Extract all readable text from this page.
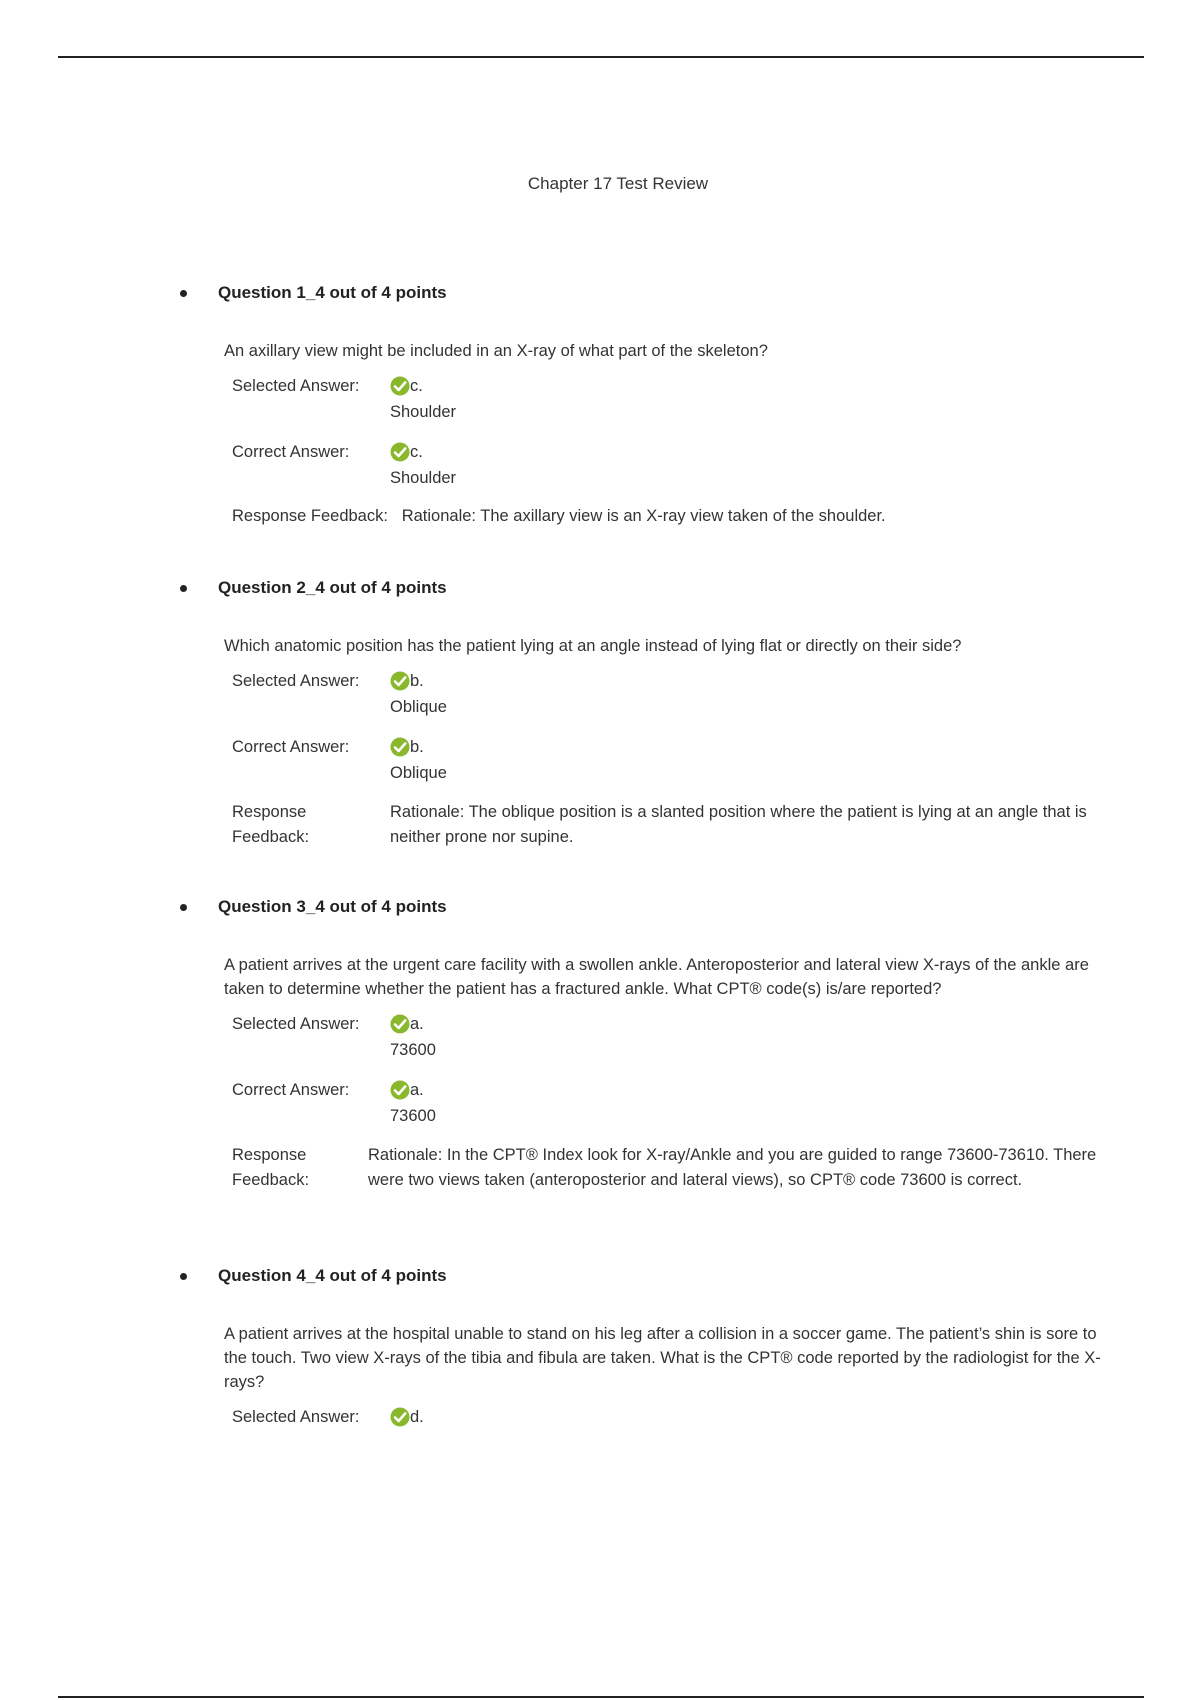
Chapter 17 Test Review
Question 1_4 out of 4 points
An axillary view might be included in an X-ray of what part of the skeleton?
Selected Answer:	c.
Shoulder
Correct Answer:	c.
Shoulder
Response Feedback: Rationale: The axillary view is an X-ray view taken of the shoulder.
Question 2_4 out of 4 points
Which anatomic position has the patient lying at an angle instead of lying flat or directly on their side?
Selected Answer:	b.
Oblique
Correct Answer:	b.
Oblique
Response
Feedback:
Rationale: The oblique position is a slanted position where the patient is lying at an angle that is neither prone nor supine.
Question 3_4 out of 4 points
A patient arrives at the urgent care facility with a swollen ankle. Anteroposterior and lateral view X-rays of the ankle are taken to determine whether the patient has a fractured ankle. What CPT® code(s) is/are reported?
Selected Answer:	a.
73600
Correct Answer:	a.
73600
Response
Feedback:
Rationale: In the CPT® Index look for X-ray/Ankle and you are guided to range 73600-73610. There were two views taken (anteroposterior and lateral views), so CPT® code 73600 is correct.
Question 4_4 out of 4 points
A patient arrives at the hospital unable to stand on his leg after a collision in a soccer game. The patient’s shin is sore to the touch. Two view X-rays of the tibia and fibula are taken. What is the CPT® code reported by the radiologist for the X-rays?
Selected Answer:	d.
